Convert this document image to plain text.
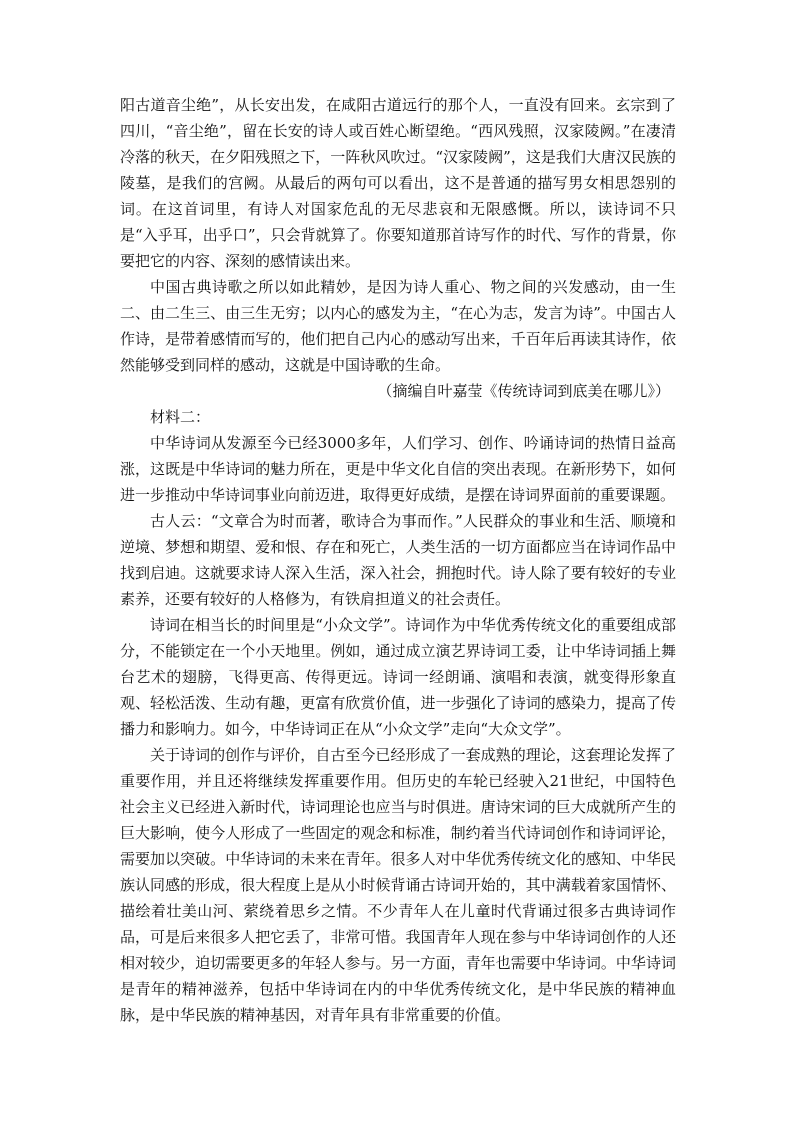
阳古道音尘绝”，从长安出发，在咸阳古道远行的那个人，一直没有回来。玄宗到了四川，“音尘绝”，留在长安的诗人或百姓心断望绝。“西风残照，汉家陵阙。”在凄清冷落的秋天，在夕阳残照之下，一阵秋风吹过。“汉家陵阙”，这是我们大唐汉民族的陵墓，是我们的宫阙。从最后的两句可以看出，这不是普通的描写男女相思怨别的词。在这首词里，有诗人对国家危乱的无尽悲哀和无限感慨。所以，读诗词不只是“入乎耳，出乎口”，只会背就算了。你要知道那首诗写作的时代、写作的背景，你要把它的内容、深刻的感情读出来。

中国古典诗歌之所以如此精妙，是因为诗人重心、物之间的兴发感动，由一生二、由二生三、由三生无穷；以内心的感发为主，“在心为志，发言为诗”。中国古人作诗，是带着感情而写的，他们把自己内心的感动写出来，千百年后再读其诗作，依然能够受到同样的感动，这就是中国诗歌的生命。

（摘编自叶嘉莹《传统诗词到底美在哪儿》）

材料二：

中华诗词从发源至今已经3000多年，人们学习、创作、吟诵诗词的热情日益高涨，这既是中华诗词的魅力所在，更是中华文化自信的突出表现。在新形势下，如何进一步推动中华诗词事业向前迈进，取得更好成绩，是摆在诗词界面前的重要课题。

古人云：“文章合为时而著，歌诗合为事而作。”人民群众的事业和生活、顺境和逆境、梦想和期望、爱和恨、存在和死亡，人类生活的一切方面都应当在诗词作品中找到启迪。这就要求诗人深入生活，深入社会，拥抱时代。诗人除了要有较好的专业素养，还要有较好的人格修为，有铁肩担道义的社会责任。

诗词在相当长的时间里是“小众文学”。诗词作为中华优秀传统文化的重要组成部分，不能锁定在一个小天地里。例如，通过成立演艺界诗词工委，让中华诗词插上舞台艺术的翅膀，飞得更高、传得更远。诗词一经朗诵、演唱和表演，就变得形象直观、轻松活泼、生动有趣，更富有欣赏价值，进一步强化了诗词的感染力，提高了传播力和影响力。如今，中华诗词正在从“小众文学”走向“大众文学”。

关于诗词的创作与评价，自古至今已经形成了一套成熟的理论，这套理论发挥了重要作用，并且还将继续发挥重要作用。但历史的车轮已经驶入21世纪，中国特色社会主义已经进入新时代，诗词理论也应当与时俱进。唐诗宋词的巨大成就所产生的巨大影响，使今人形成了一些固定的观念和标准，制约着当代诗词创作和诗词评论，需要加以突破。中华诗词的未来在青年。很多人对中华优秀传统文化的感知、中华民族认同感的形成，很大程度上是从小时候背诵古诗词开始的，其中满载着家国情怀、描绘着壮美山河、萦绕着思乡之情。不少青年人在儿童时代背诵过很多古典诗词作品，可是后来很多人把它丢了，非常可惜。我国青年人现在参与中华诗词创作的人还相对较少，迫切需要更多的年轻人参与。另一方面，青年也需要中华诗词。中华诗词是青年的精神滋养，包括中华诗词在内的中华优秀传统文化，是中华民族的精神血脉，是中华民族的精神基因，对青年具有非常重要的价值。
